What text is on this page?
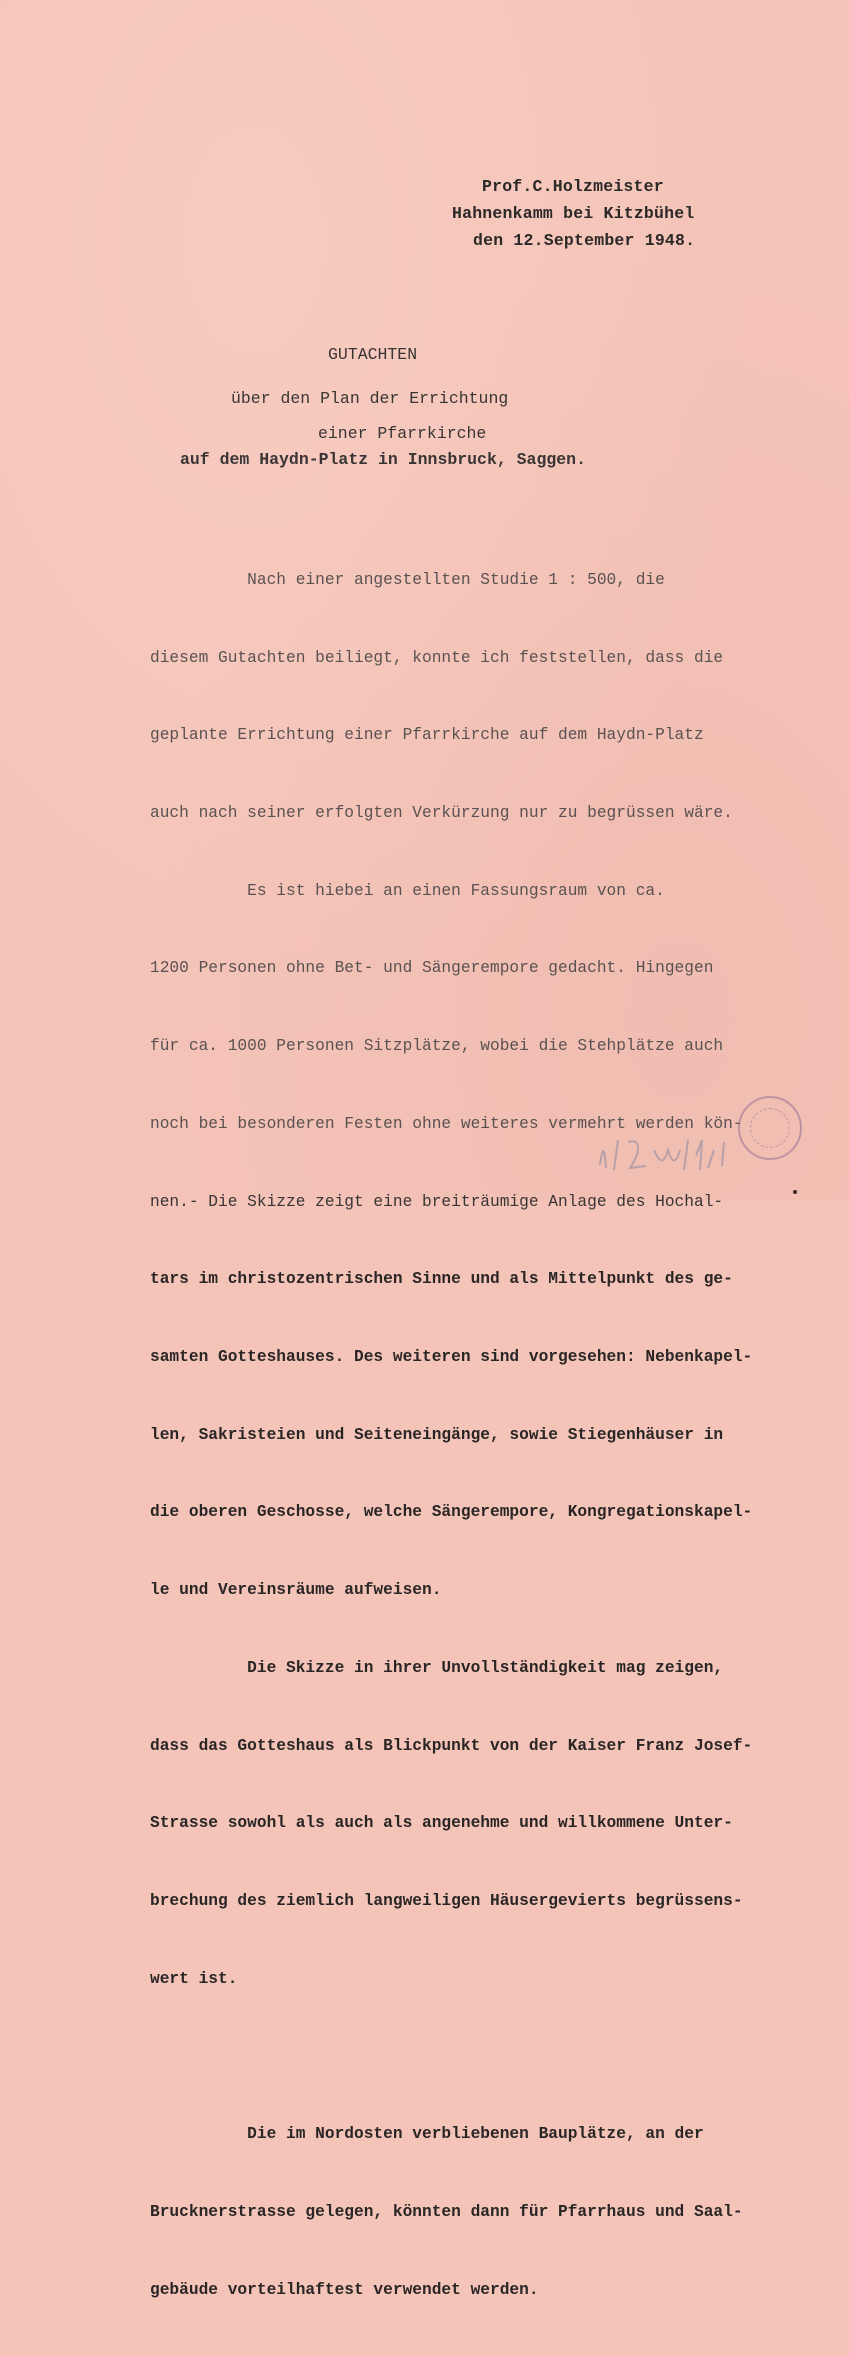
Prof.C.Holzmeister
Hahnenkamm bei Kitzbühel
den 12.September 1948.
GUTACHTEN
über den Plan der Errichtung
einer Pfarrkirche
auf dem Haydn-Platz in Innsbruck, Saggen.

Nach einer angestellten Studie 1 : 500, die

diesem Gutachten beiliegt, konnte ich feststellen, dass die

geplante Errichtung einer Pfarrkirche auf dem Haydn-Platz

auch nach seiner erfolgten Verkürzung nur zu begrüssen wäre.

Es ist hiebei an einen Fassungsraum von ca.

1200 Personen ohne Bet- und Sängerempore gedacht. Hingegen

für ca. 1000 Personen Sitzplätze, wobei die Stehplätze auch

noch bei besonderen Festen ohne weiteres vermehrt werden kön-

nen.- Die Skizze zeigt eine breiträumige Anlage des Hochal-

tars im christozentrischen Sinne und als Mittelpunkt des ge-

samten Gotteshauses. Des weiteren sind vorgesehen: Nebenkapel-

len, Sakristeien und Seiteneingänge, sowie Stiegenhäuser in

die oberen Geschosse, welche Sängerempore, Kongregationskapel-

le und Vereinsräume aufweisen.

Die Skizze in ihrer Unvollständigkeit mag zeigen,

dass das Gotteshaus als Blickpunkt von der Kaiser Franz Josef-

Strasse sowohl als auch als angenehme und willkommene Unter-

brechung des ziemlich langweiligen Häusergevierts begrüssens-

wert ist.

Die im Nordosten verbliebenen Bauplätze, an der

Brucknerstrasse gelegen, könnten dann für Pfarrhaus und Saal-

gebäude vorteilhaftest verwendet werden.
